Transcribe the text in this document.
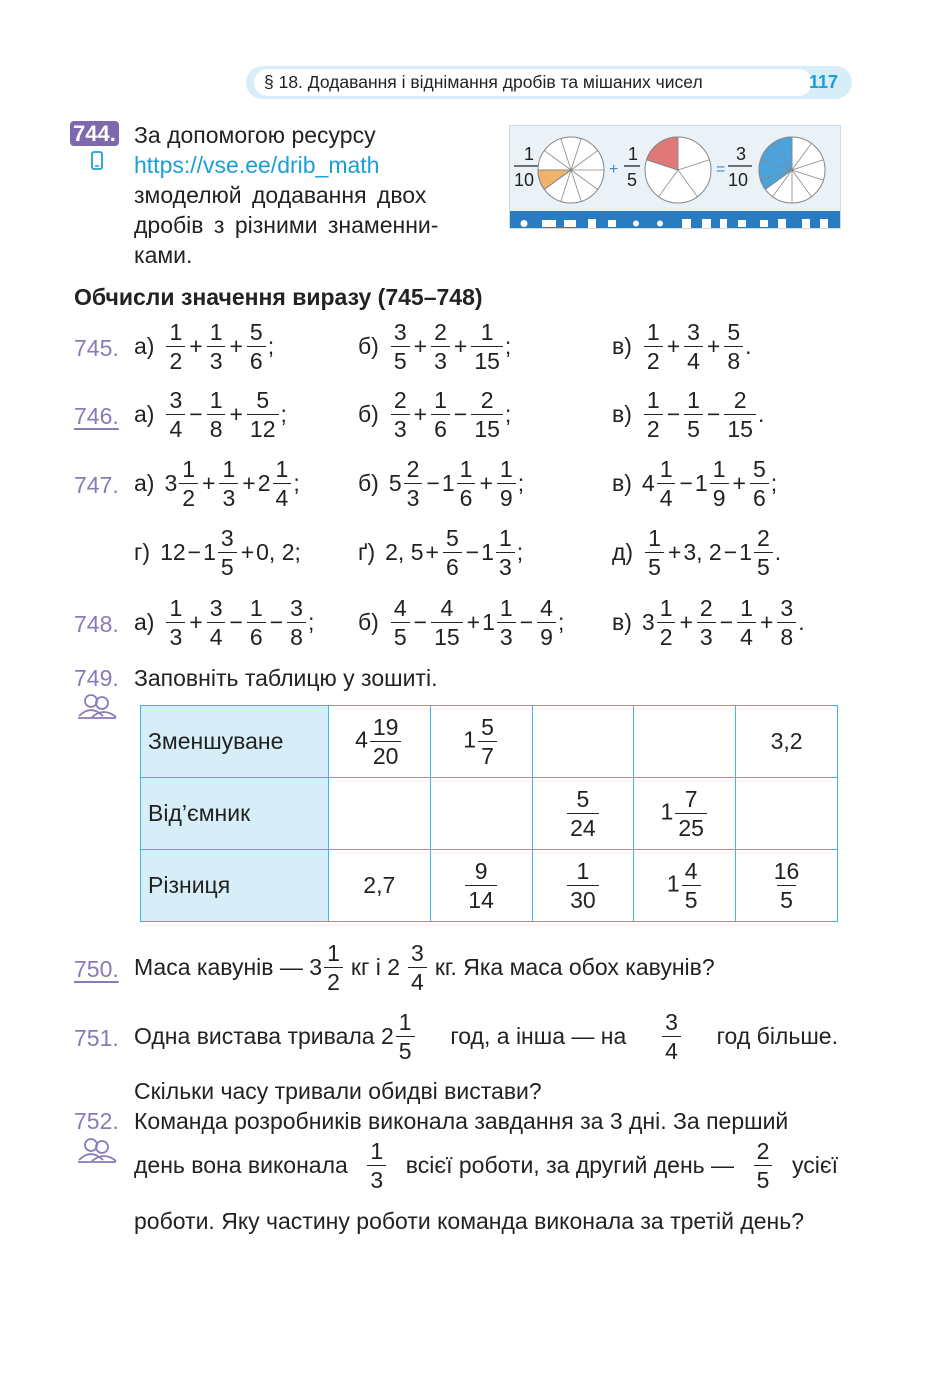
§ 18. Додавання і віднімання дробів та мішаних чисел	117
744. За допомогою ресурсу
https://vse.ee/drib_math
змоделюй додавання двох
дробів з різними знаменни-
ками.
1
10
+
1
5
=
3
10
Обчисли значення виразу (745–748)
745. $а) \frac{1}{2} + \frac{1}{3} + \frac{5}{6}$ ;	$б) \frac{3}{5} + \frac{2}{3} + \frac{1}{15}$ ;	$в) \frac{1}{2} + \frac{3}{4} + \frac{5}{8}$ .
746. $а) \frac{3}{4} - \frac{1}{8} + \frac{5}{12}$ ;	$б) \frac{2}{3} + \frac{1}{6} - \frac{2}{15}$ ;	$в) \frac{1}{2} - \frac{1}{5} - \frac{2}{15}$ .
747. а) $3 \frac{1}{2} + \frac{1}{3} + 2 \frac{1}{4}$ ;	б) $5 \frac{2}{3} - 1 \frac{1}{6} + \frac{1}{9}$ ;	в) $4 \frac{1}{4} - 1 \frac{1}{9} + \frac{5}{6}$ ;
г) $12 - 1 \frac{3}{5} + 0$, 2; ґ) 2, $5 + \frac{5}{6} - 1 \frac{1}{3}$ ;	$д) \frac{1}{5} + 3$, $2 - 1 \frac{2}{5}$ .
748. $а) \frac{1}{3} + \frac{3}{4} - \frac{1}{6} - \frac{3}{8}$ ; $б) \frac{4}{5} - \frac{4}{15} + 1 \frac{1}{3} - \frac{4}{9}$ ; в) $3 \frac{1}{2} + \frac{2}{3} - \frac{1}{4} + \frac{3}{8}$ .
749. Заповніть таблицю у зошиті.
Зменшуване	$4 \frac{19}{20}$	$1 \frac{5}{7}$			3,2
Від’ємник			$\frac{5}{24}$	$1 \frac{7}{25}$

Різниця	2,7	$\frac{9}{14}$	$\frac{1}{30}$	$1 \frac{4}{5}$	$\frac{16}{5}$
750. Маса кавунів — $3 \frac{1}{2}$ кг і $2 \frac{3}{4}$ кг. Яка маса обох кавунів?
751. Одна вистава тривала $2 \frac{1}{5}$ год, а інша — на $\frac{3}{4}$ год більше.
Скільки часу тривали обидві вистави?
752. Команда розробників виконала завдання за 3 дні. За перший
день вона виконала $\frac{1}{3}$ всієї роботи, за другий день — $\frac{2}{5}$ усієї
роботи. Яку частину роботи команда виконала за третій день?
